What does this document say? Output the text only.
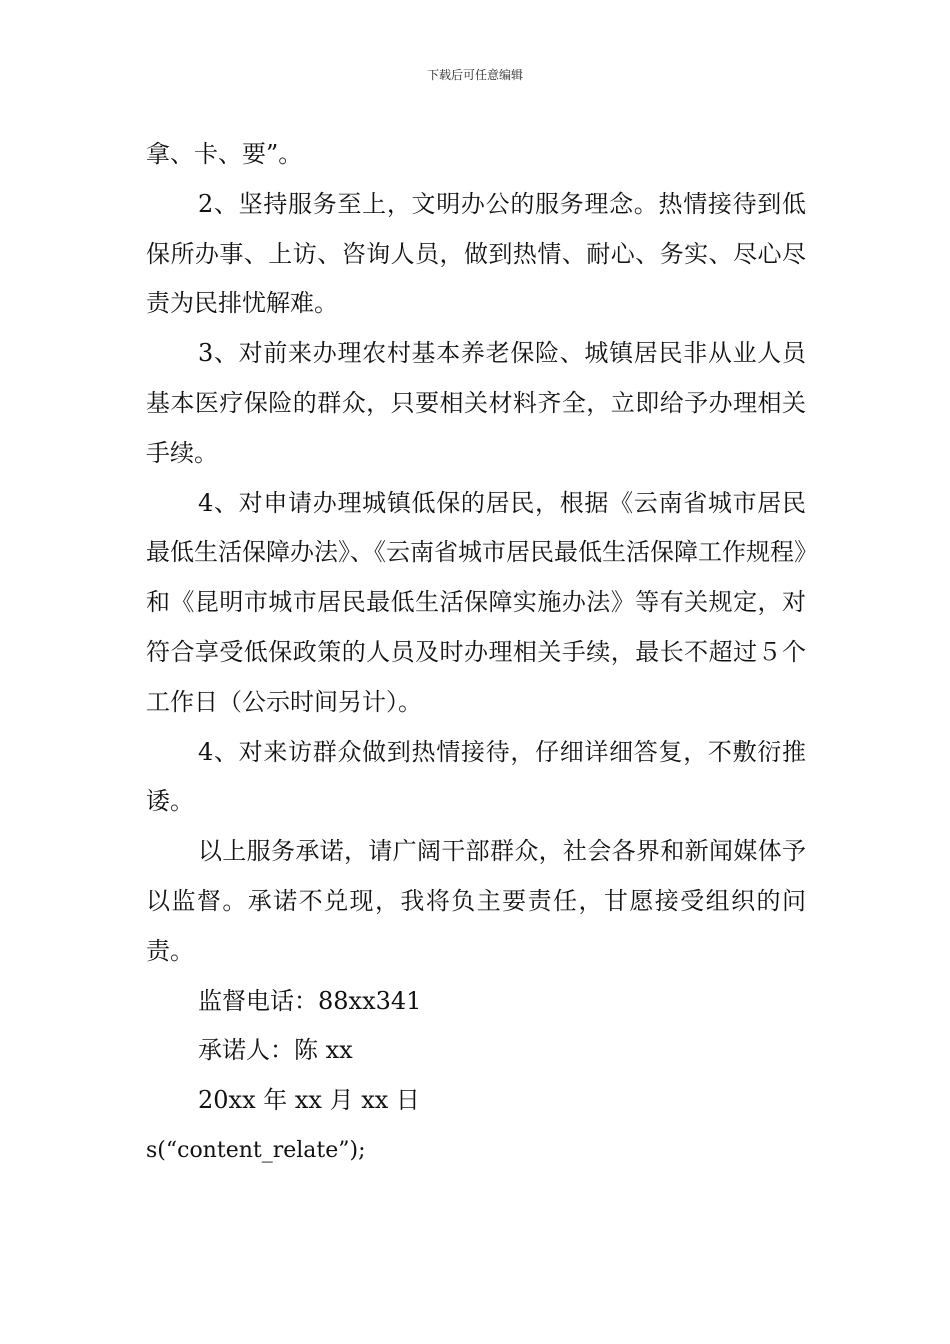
下载后可任意编辑

拿、卡、要”。

2、坚持服务至上，文明办公的服务理念。热情接待到低保所办事、上访、咨询人员，做到热情、耐心、务实、尽心尽责为民排忧解难。

3、对前来办理农村基本养老保险、城镇居民非从业人员基本医疗保险的群众，只要相关材料齐全，立即给予办理相关手续。

4、对申请办理城镇低保的居民，根据《云南省城市居民最低生活保障办法》、《云南省城市居民最低生活保障工作规程》和《昆明市城市居民最低生活保障实施办法》等有关规定，对符合享受低保政策的人员及时办理相关手续，最长不超过５个工作日（公示时间另计）。

4、对来访群众做到热情接待，仔细详细答复，不敷衍推诿。

以上服务承诺，请广阔干部群众，社会各界和新闻媒体予以监督。承诺不兑现，我将负主要责任，甘愿接受组织的问责。

监督电话：88xx341

承诺人：陈 xx

20xx 年 xx 月 xx 日

s(“content_relate”);
